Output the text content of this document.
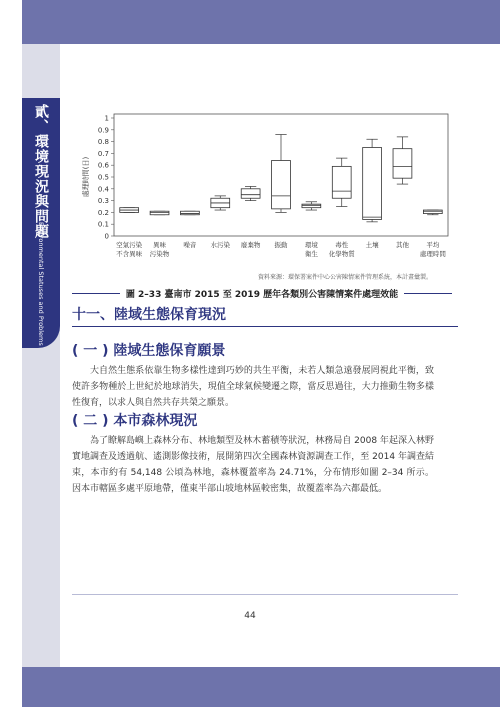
貳、環境現況與問題
Environmental Statuses and Problems	0
0.1
0.2
0.3
0.4
0.5
0.6
0.7
0.8
0.9
1
處理時間(日)
空氣污染
不含異味
異味
污染物
噪音 水污染 廢棄物 振動	環境
衛生
毒性
化學物質
土壤	其他	平均
處理時間
資料來源：環保署案件中心公害陳情案件管理系統，本計畫彙製。
圖 2–33 臺南市 2015 至 2019 歷年各類別公害陳情案件處理效能
十一、陸域生態保育現況
( 一 ) 陸域生態保育願景
大自然生態系依靠生物多樣性達到巧妙的共生平衡，未若人類急遠發展罔視此平衡，致使許多物種於上世紀於地球消失，現值全球氣候變遷之際，當反思過往，大力推動生物多樣性復育，以求人與自然共存共榮之願景。
( 二 ) 本市森林現況
為了瞭解島嶼上森林分布、林地類型及林木蓄積等狀況，林務局自 2008 年起深入林野實地調查及透過航、遙測影像技術，展開第四次全國森林資源調查工作，至 2014 年調查結束，本市約有 54,148 公頃為林地，森林覆蓋率為 24.71%，分布情形如圖 2–34 所示。因本市轄區多處平原地帶，僅東半部山坡地林區較密集，故覆蓋率為六都最低。
44
